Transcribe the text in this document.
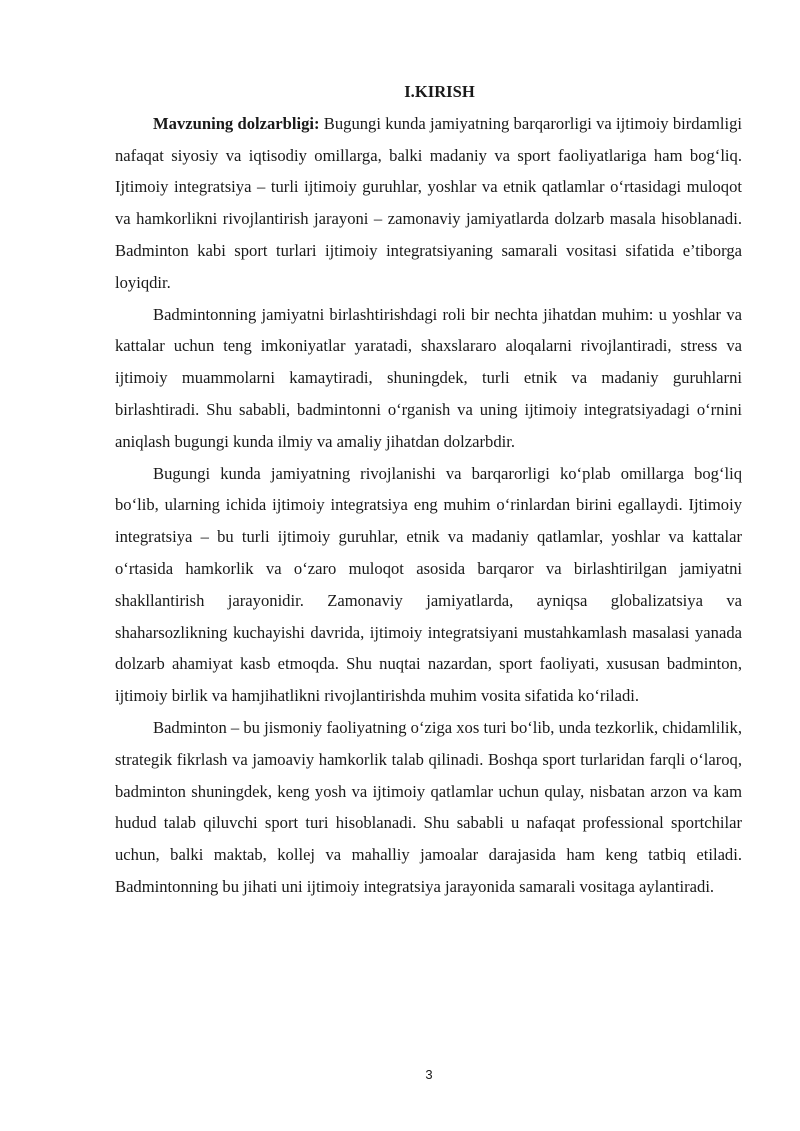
I.KIRISH

Mavzuning dolzarbligi: Bugungi kunda jamiyatning barqarorligi va ijtimoiy birdamligi nafaqat siyosiy va iqtisodiy omillarga, balki madaniy va sport faoliyatlariga ham bog‘liq. Ijtimoiy integratsiya – turli ijtimoiy guruhlar, yoshlar va etnik qatlamlar o‘rtasidagi muloqot va hamkorlikni rivojlantirish jarayoni – zamonaviy jamiyatlarda dolzarb masala hisoblanadi. Badminton kabi sport turlari ijtimoiy integratsiyaning samarali vositasi sifatida e’tiborga loyiqdir.

Badmintonning jamiyatni birlashtirishdagi roli bir nechta jihatdan muhim: u yoshlar va kattalar uchun teng imkoniyatlar yaratadi, shaxslararo aloqalarni rivojlantiradi, stress va ijtimoiy muammolarni kamaytiradi, shuningdek, turli etnik va madaniy guruhlarni birlashtiradi. Shu sababli, badmintonni o‘rganish va uning ijtimoiy integratsiyadagi o‘rnini aniqlash bugungi kunda ilmiy va amaliy jihatdan dolzarbdir.

Bugungi kunda jamiyatning rivojlanishi va barqarorligi ko‘plab omillarga bog‘liq bo‘lib, ularning ichida ijtimoiy integratsiya eng muhim o‘rinlardan birini egallaydi. Ijtimoiy integratsiya – bu turli ijtimoiy guruhlar, etnik va madaniy qatlamlar, yoshlar va kattalar o‘rtasida hamkorlik va o‘zaro muloqot asosida barqaror va birlashtirilgan jamiyatni shakllantirish jarayonidir. Zamonaviy jamiyatlarda, ayniqsa globalizatsiya va shaharsozlikning kuchayishi davrida, ijtimoiy integratsiyani mustahkamlash masalasi yanada dolzarb ahamiyat kasb etmoqda. Shu nuqtai nazardan, sport faoliyati, xususan badminton, ijtimoiy birlik va hamjihatlikni rivojlantirishda muhim vosita sifatida ko‘riladi.

Badminton – bu jismoniy faoliyatning o‘ziga xos turi bo‘lib, unda tezkorlik, chidamlilik, strategik fikrlash va jamoaviy hamkorlik talab qilinadi. Boshqa sport turlaridan farqli o‘laroq, badminton shuningdek, keng yosh va ijtimoiy qatlamlar uchun qulay, nisbatan arzon va kam hudud talab qiluvchi sport turi hisoblanadi. Shu sababli u nafaqat professional sportchilar uchun, balki maktab, kollej va mahalliy jamoalar darajasida ham keng tatbiq etiladi. Badmintonning bu jihati uni ijtimoiy integratsiya jarayonida samarali vositaga aylantiradi.

3
